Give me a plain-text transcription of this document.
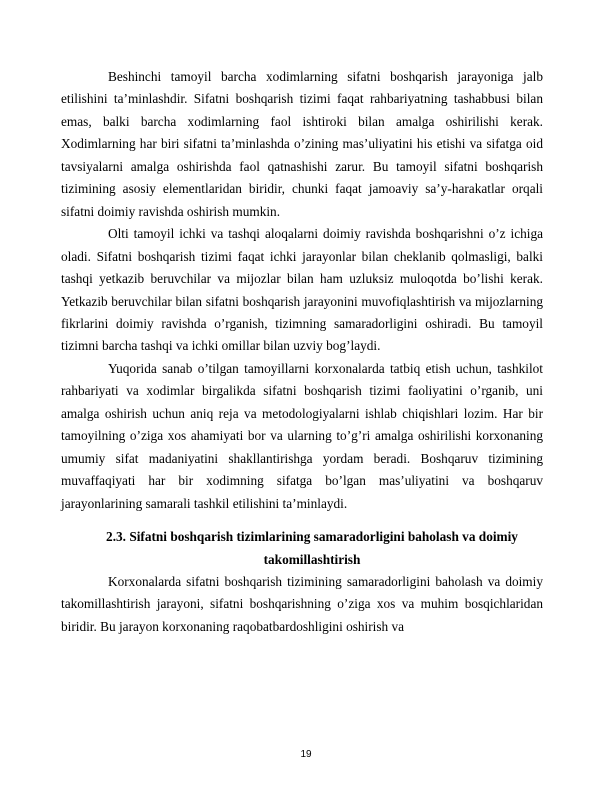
Beshinchi tamoyil barcha xodimlarning sifatni boshqarish jarayoniga jalb etilishini ta’minlashdir. Sifatni boshqarish tizimi faqat rahbariyatning tashabbusi bilan emas, balki barcha xodimlarning faol ishtiroki bilan amalga oshirilishi kerak. Xodimlarning har biri sifatni ta’minlashda o’zining mas’uliyatini his etishi va sifatga oid tavsiyalarni amalga oshirishda faol qatnashishi zarur. Bu tamoyil sifatni boshqarish tizimining asosiy elementlaridan biridir, chunki faqat jamoaviy sa’y-harakatlar orqali sifatni doimiy ravishda oshirish mumkin.

Olti tamoyil ichki va tashqi aloqalarni doimiy ravishda boshqarishni o’z ichiga oladi. Sifatni boshqarish tizimi faqat ichki jarayonlar bilan cheklanib qolmasligi, balki tashqi yetkazib beruvchilar va mijozlar bilan ham uzluksiz muloqotda bo’lishi kerak. Yetkazib beruvchilar bilan sifatni boshqarish jarayonini muvofiqlashtirish va mijozlarning fikrlarini doimiy ravishda o’rganish, tizimning samaradorligini oshiradi. Bu tamoyil tizimni barcha tashqi va ichki omillar bilan uzviy bog’laydi.

Yuqorida sanab o’tilgan tamoyillarni korxonalarda tatbiq etish uchun, tashkilot rahbariyati va xodimlar birgalikda sifatni boshqarish tizimi faoliyatini o’rganib, uni amalga oshirish uchun aniq reja va metodologiyalarni ishlab chiqishlari lozim. Har bir tamoyilning o’ziga xos ahamiyati bor va ularning to’g’ri amalga oshirilishi korxonaning umumiy sifat madaniyatini shakllantirishga yordam beradi. Boshqaruv tizimining muvaffaqiyati har bir xodimning sifatga bo’lgan mas’uliyatini va boshqaruv jarayonlarining samarali tashkil etilishini ta’minlaydi.

2.3. Sifatni boshqarish tizimlarining samaradorligini baholash va doimiy takomillashtirish

Korxonalarda sifatni boshqarish tizimining samaradorligini baholash va doimiy takomillashtirish jarayoni, sifatni boshqarishning o’ziga xos va muhim bosqichlaridan biridir. Bu jarayon korxonaning raqobatbardoshligini oshirish va

19
